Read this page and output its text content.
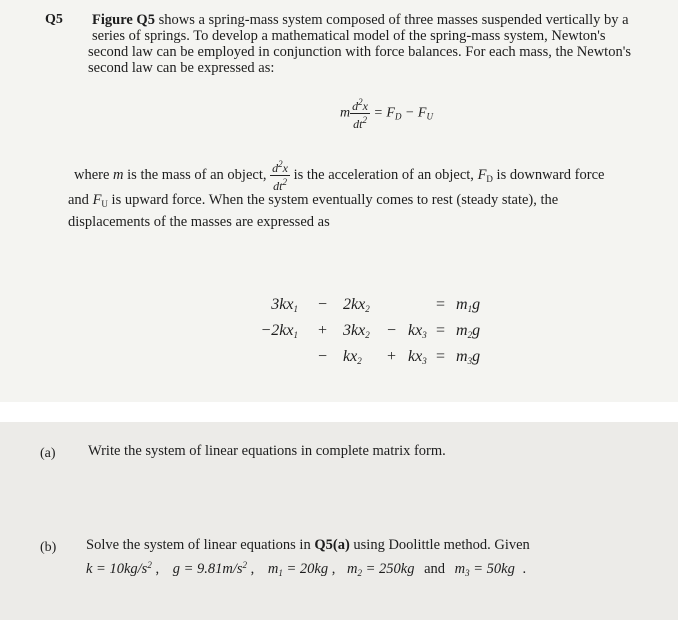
Q5 Figure Q5 shows a spring-mass system composed of three masses suspended vertically by a
series of springs. To develop a mathematical model of the spring-mass system, Newton's
second law can be employed in conjunction with force balances. For each mass, the Newton's
second law can be expressed as:
m $\frac{d^2x}{dt^2} = F_D - F_U$
where m is the mass of an object, $\frac{d^2x}{dt^2}$ is the acceleration of an object, $F_D$ is downward force
and $F_U$ is upward force. When the system eventually comes to rest (steady state), the
displacements of the masses are expressed as
$3kx_1 - 2kx_2$	= $m_1g$
$-2kx_1 + 3kx_2 - kx_3 = m_2g$
− $kx_2 + kx_3 = m_3g$
(a) Write the system of linear equations in complete matrix form.
(b) Solve the system of linear equations in Q5(a) using Doolittle method. Given
$k = 10kg/s^2$ , $g = 9.81m/s^2$ , $m_1 = 20kg$ , $m_2 = 250kg$ and $m_3 = 50kg$ .
